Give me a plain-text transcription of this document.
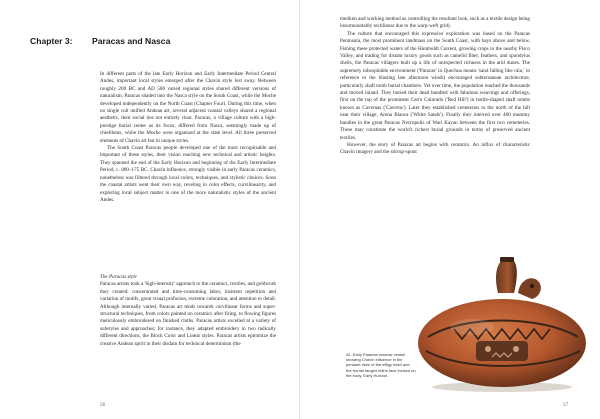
Chapter 3: Paracas and Nasca

In different parts of the late Early Horizon and Early Intermediate Period Central Andes, important local styles emerged after the Chavín style lost sway. Between roughly 200 BC and AD 500 varied regional styles shared different versions of naturalism. Paracas shaded into the Nasca style on the South Coast, while the Moche developed independently on the North Coast (Chapter Four). During this time, when no single cult unified Andean art, several adjacent coastal valleys shared a regional aesthetic, their social ties not entirely clear. Paracas, a village culture with a high-prestige burial center as its focus, differed from Nasca, seemingly made up of chiefdoms, while the Moche were organized at the state level. All three preserved elements of Chavín art but in unique styles.

The South Coast Paracas people developed one of the most recognizable and important of these styles, their vision reaching new technical and artistic heights. They spanned the end of the Early Horizon and beginning of the Early Intermediate Period, c. 800–175 BC. Chavín influence, strongly visible in early Paracas ceramics, nonetheless was filtered through local colors, techniques, and stylistic choices. Soon the coastal artists went their own way, reveling in color effects, curvilinearity, and exploring local subject matter in one of the more naturalistic styles of the ancient Andes.

The Paracas style

Paracas artists took a 'high-intensity' approach to the ceramics, textiles, and goldwork they created: concentrated and time-consuming labor, insistent repetition and variation of motifs, great visual profusion, extreme coloration, and attention to detail. Although internally varied, Paracas art tends towards curvilinear forms and super-structural techniques, from colors painted on ceramics after firing, to flowing figures meticulously embroidered on finished cloths. Paracas artists excelled at a variety of substyles and approaches; for instance, they adapted embroidery in two radically different directions, the Block Color and Linear styles. Paracas artists epitomize the creative Andean spirit in their disdain for technical determinism (the

56

medium and working method as controlling the resultant look, such as a textile design being insurmountably rectilinear due to the warp-weft grid).

The culture that encouraged this expressive exploration was based on the Paracas Peninsula, the most prominent landmass on the South Coast, with bays above and below. Fishing these protected waters of the Humboldt Current, growing crops in the nearby Pisco Valley, and trading for distant luxury goods such as camelid fiber, feathers, and spondylus shells, the Paracas villagers built up a life of unexpected richness in the arid dunes. The supremely inhospitable environment ('Paracas' in Quechua means 'sand falling like rain,' in reference to the blasting late afternoon winds) encouraged subterranean architecture, particularly shaft tomb burial chambers. Yet over time, the population reached the thousands and moved inland. They buried their dead bundled with fabulous weavings and offerings, first on the top of the prominent Cerro Colorado ('Red Hill') in bottle-shaped shaft tombs known as Cavernas ('Caverns'). Later they established cemeteries to the north of the hill near their village, Arena Blanca ('White Sands'). Finally they interred over 400 mummy bundles in the great Paracas Necropolis of Wari Kayan between the first two cemeteries. These may constitute the world's richest burial grounds in terms of preserved ancient textiles.

However, the story of Paracas art begins with ceramics. An influx of characteristic Chavín imagery and the stirrup-spout

42. Early Paracas ceramic vessel showing Chavín influence in the pendant rises of the effigy head and the frontal fanged feline face incised on the body. Early Horizon.
57
